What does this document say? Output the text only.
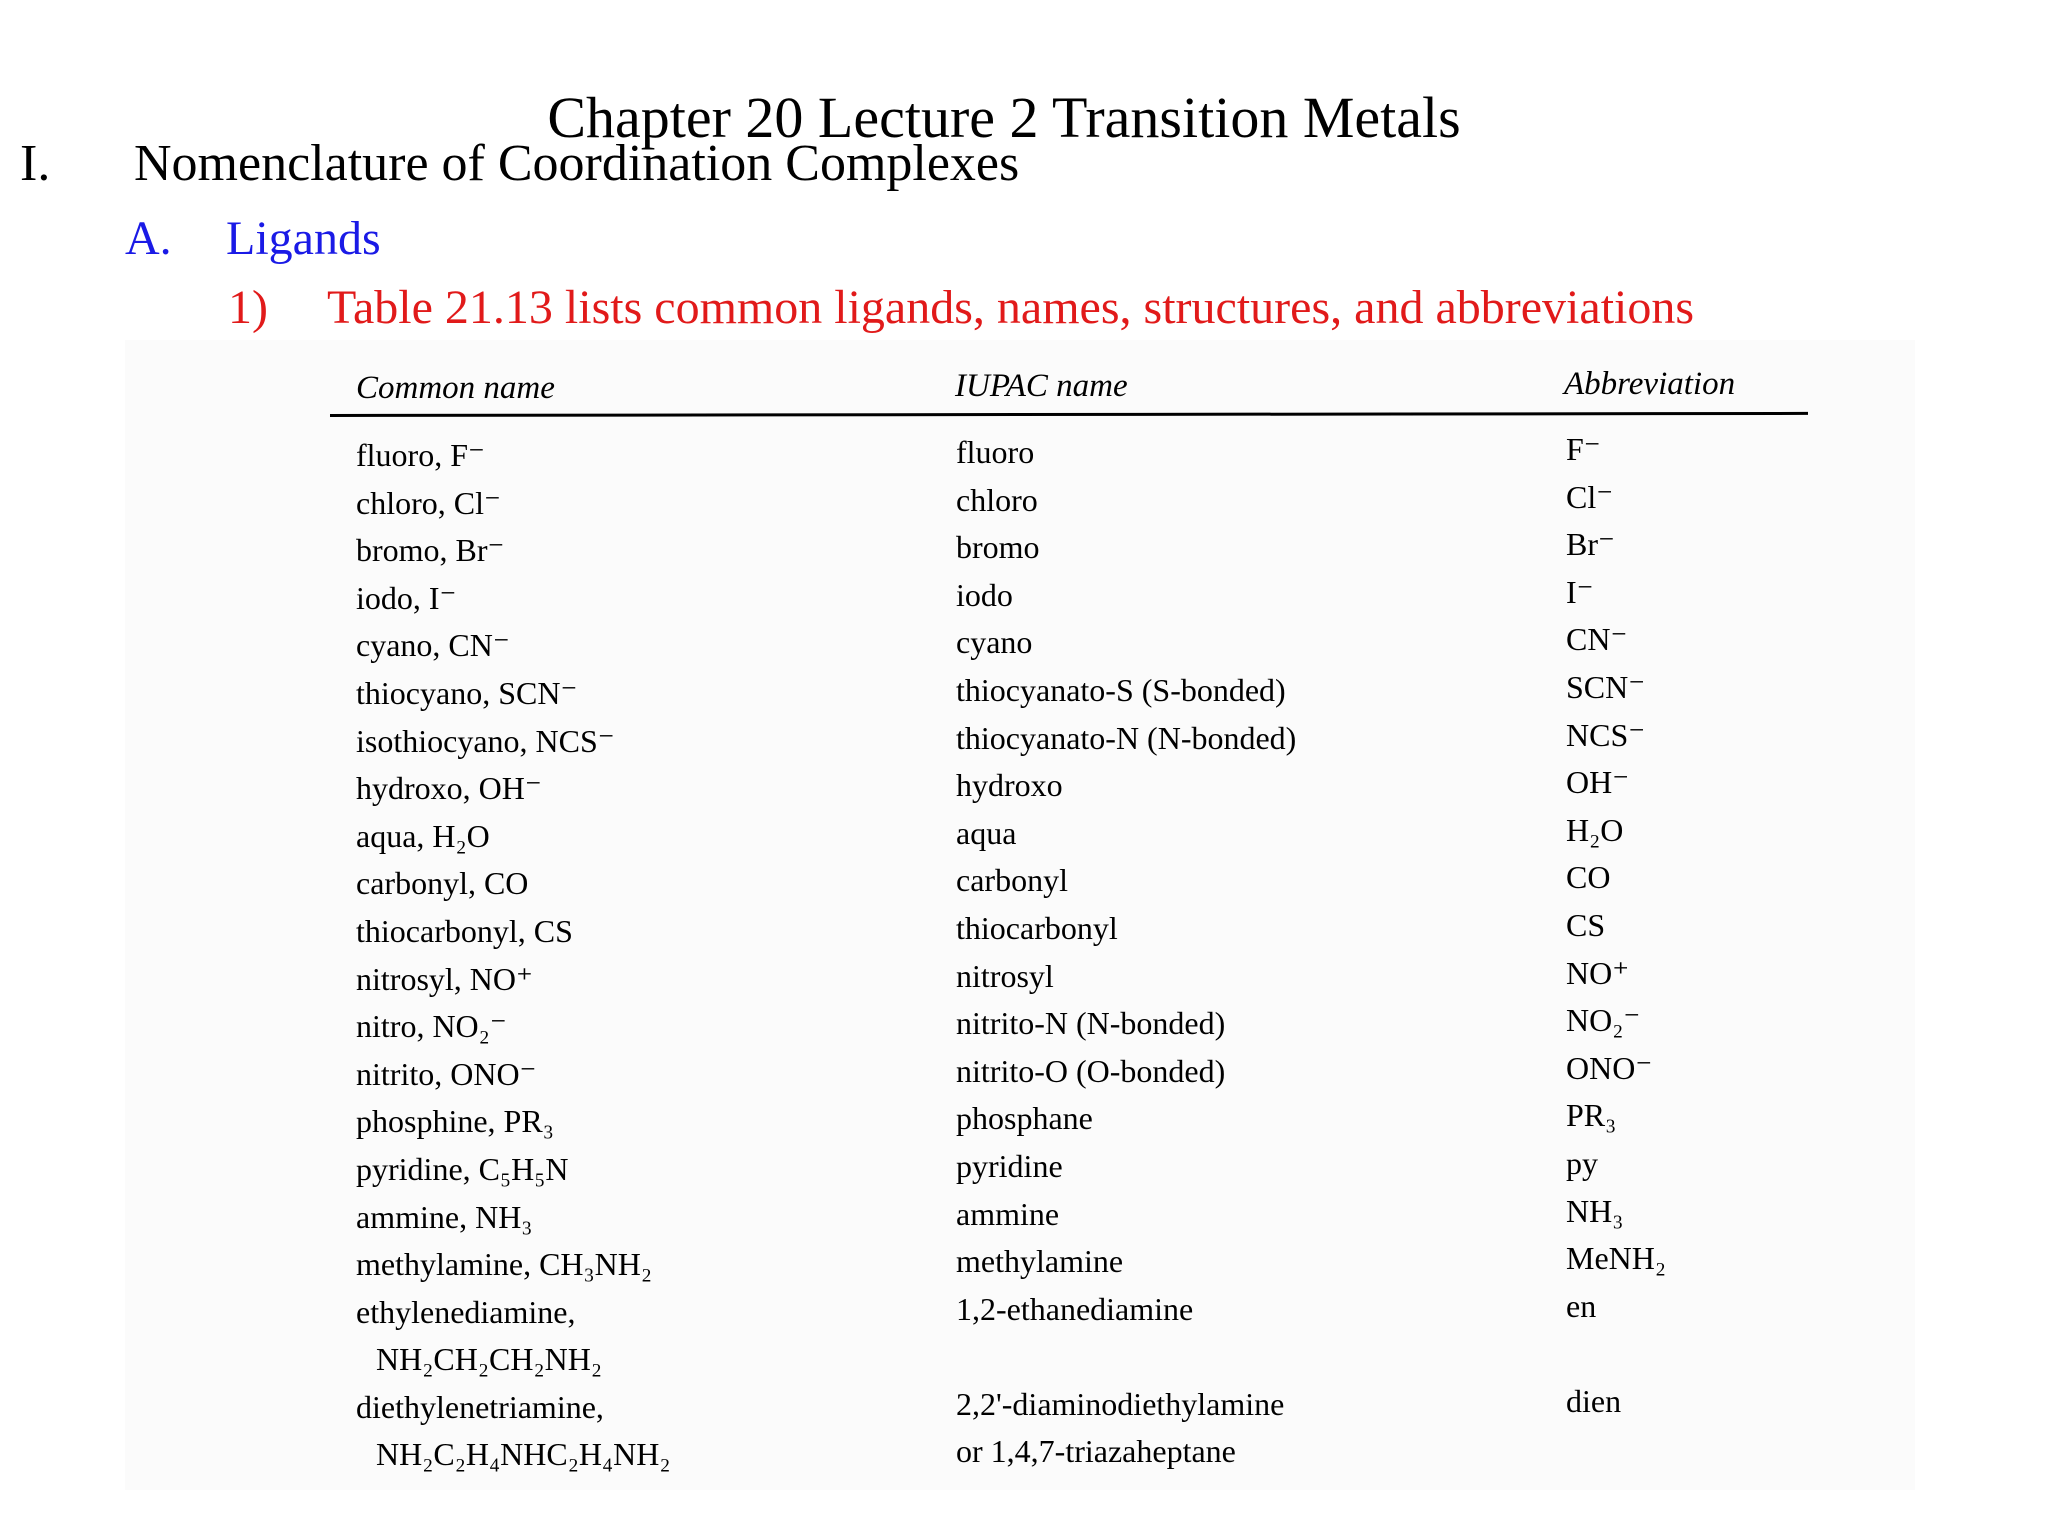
Chapter 20 Lecture 2 Transition Metals
I. Nomenclature of Coordination Complexes
A. Ligands
1) Table 21.13 lists common ligands, names, structures, and abbreviations
Common name	IUPAC name	Abbreviation
fluoro, F⁻	fluoro	F⁻
chloro, Cl⁻	chloro	Cl⁻
bromo, Br⁻	bromo	Br⁻
iodo, I⁻	iodo	I⁻
cyano, CN⁻	cyano	CN⁻
thiocyano, SCN⁻	thiocyanato-S (S-bonded)	SCN⁻
isothiocyano, NCS⁻	thiocyanato-N (N-bonded)	NCS⁻
hydroxo, OH⁻	hydroxo	OH⁻
aqua, H₂O	aqua	H₂O
carbonyl, CO	carbonyl	CO
thiocarbonyl, CS	thiocarbonyl	CS
nitrosyl, NO⁺	nitrosyl	NO⁺
nitro, NO₂⁻	nitrito-N (N-bonded)	NO₂⁻
nitrito, ONO⁻	nitrito-O (O-bonded)	ONO⁻
phosphine, PR₃	phosphane	PR₃
pyridine, C₅H₅N	pyridine	py
ammine, NH₃	ammine	NH₃
methylamine, CH₃NH₂	methylamine	MeNH₂
ethylenediamine,	1,2-ethanediamine	en
NH₂CH₂CH₂NH₂
diethylenetriamine,	2,2'-diaminodiethylamine	dien
NH₂C₂H₄NHC₂H₄NH₂	or 1,4,7-triazaheptane
